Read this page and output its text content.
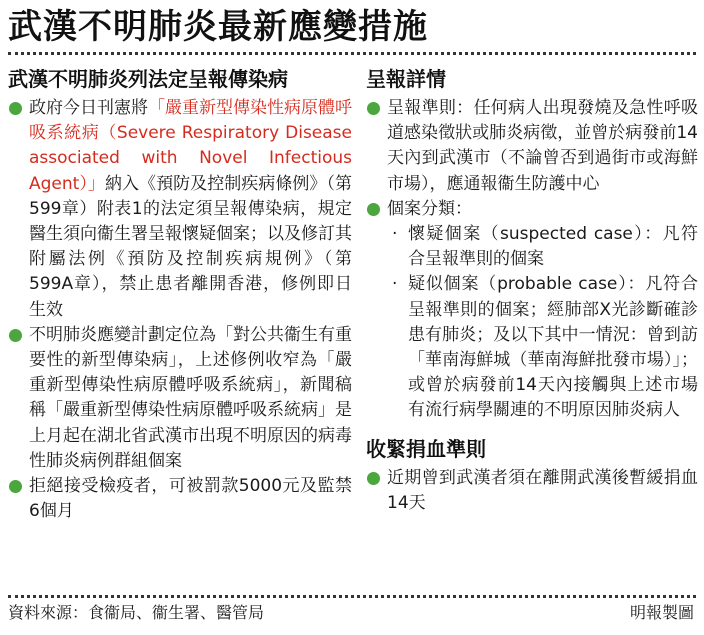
武漢不明肺炎最新應變措施
武漢不明肺炎列法定呈報傳染病
政府今日刊憲將「嚴重新型傳染性病原體呼吸系統病（Severe Respiratory Disease associated with Novel Infectious Agent）」納入《預防及控制疾病條例》（第599章）附表1的法定須呈報傳染病，規定醫生須向衞生署呈報懷疑個案；以及修訂其附屬法例《預防及控制疾病規例》（第599A章），禁止患者離開香港，修例即日生效
不明肺炎應變計劃定位為「對公共衞生有重要性的新型傳染病」，上述修例收窄為「嚴重新型傳染性病原體呼吸系統病」，新聞稿稱「嚴重新型傳染性病原體呼吸系統病」是上月起在湖北省武漢市出現不明原因的病毒性肺炎病例群組個案
拒絕接受檢疫者，可被罰款5000元及監禁6個月
呈報詳情
呈報準則：任何病人出現發燒及急性呼吸道感染徵狀或肺炎病徵，並曾於病發前14天內到武漢市（不論曾否到過街市或海鮮市場），應通報衞生防護中心
個案分類：
‧ 懷疑個案（suspected case）：凡符合呈報準則的個案
‧ 疑似個案（probable case）：凡符合呈報準則的個案；經肺部X光診斷確診患有肺炎；及以下其中一情況：曾到訪「華南海鮮城（華南海鮮批發市場）」；或曾於病發前14天內接觸與上述市場有流行病學關連的不明原因肺炎病人
收緊捐血準則
近期曾到武漢者須在離開武漢後暫緩捐血14天
資料來源：食衞局、衞生署、醫管局	明報製圖
